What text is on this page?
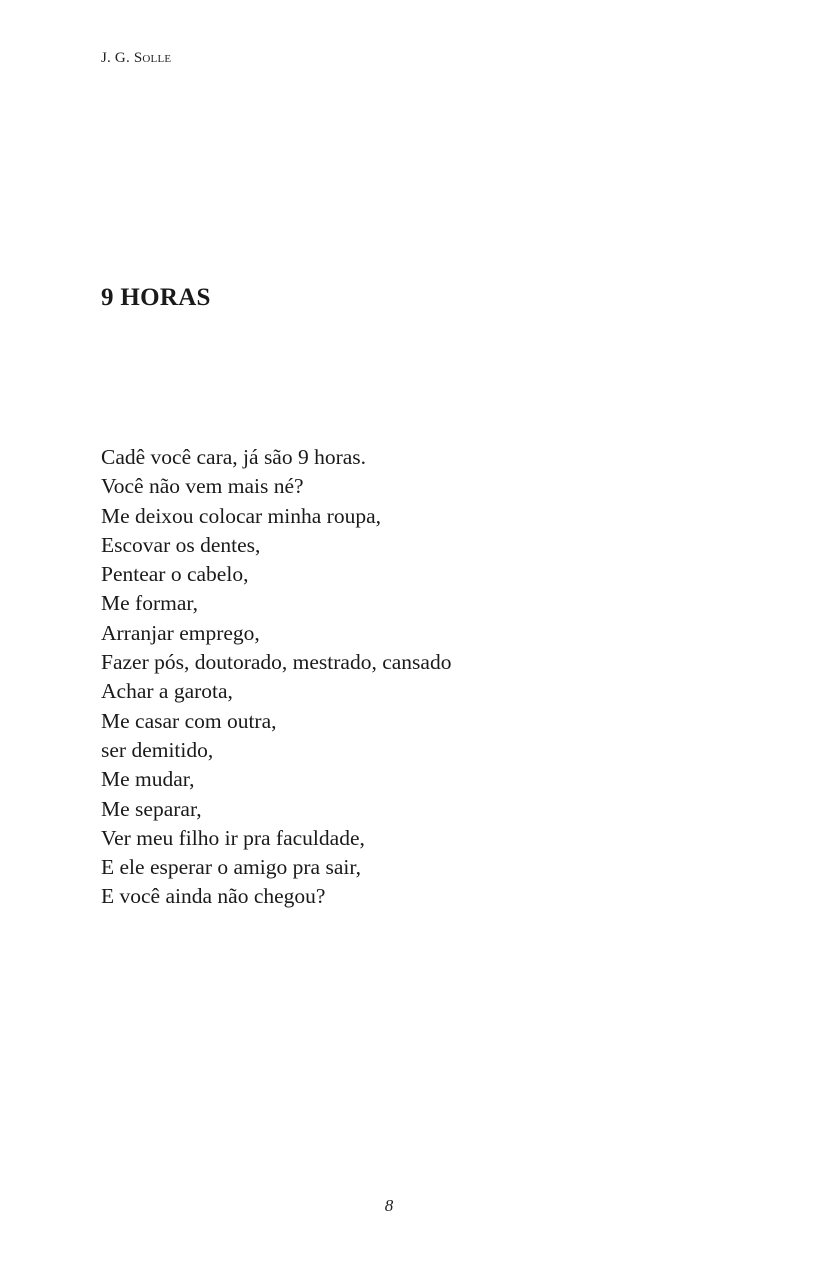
J. G. Solle
9 HORAS
Cadê você cara, já são 9 horas.
Você não vem mais né?
Me deixou colocar minha roupa,
Escovar os dentes,
Pentear o cabelo,
Me formar,
Arranjar emprego,
Fazer pós, doutorado, mestrado, cansado
Achar a garota,
Me casar com outra,
ser demitido,
Me mudar,
Me separar,
Ver meu filho ir pra faculdade,
E ele esperar o amigo pra sair,
E você ainda não chegou?
8
